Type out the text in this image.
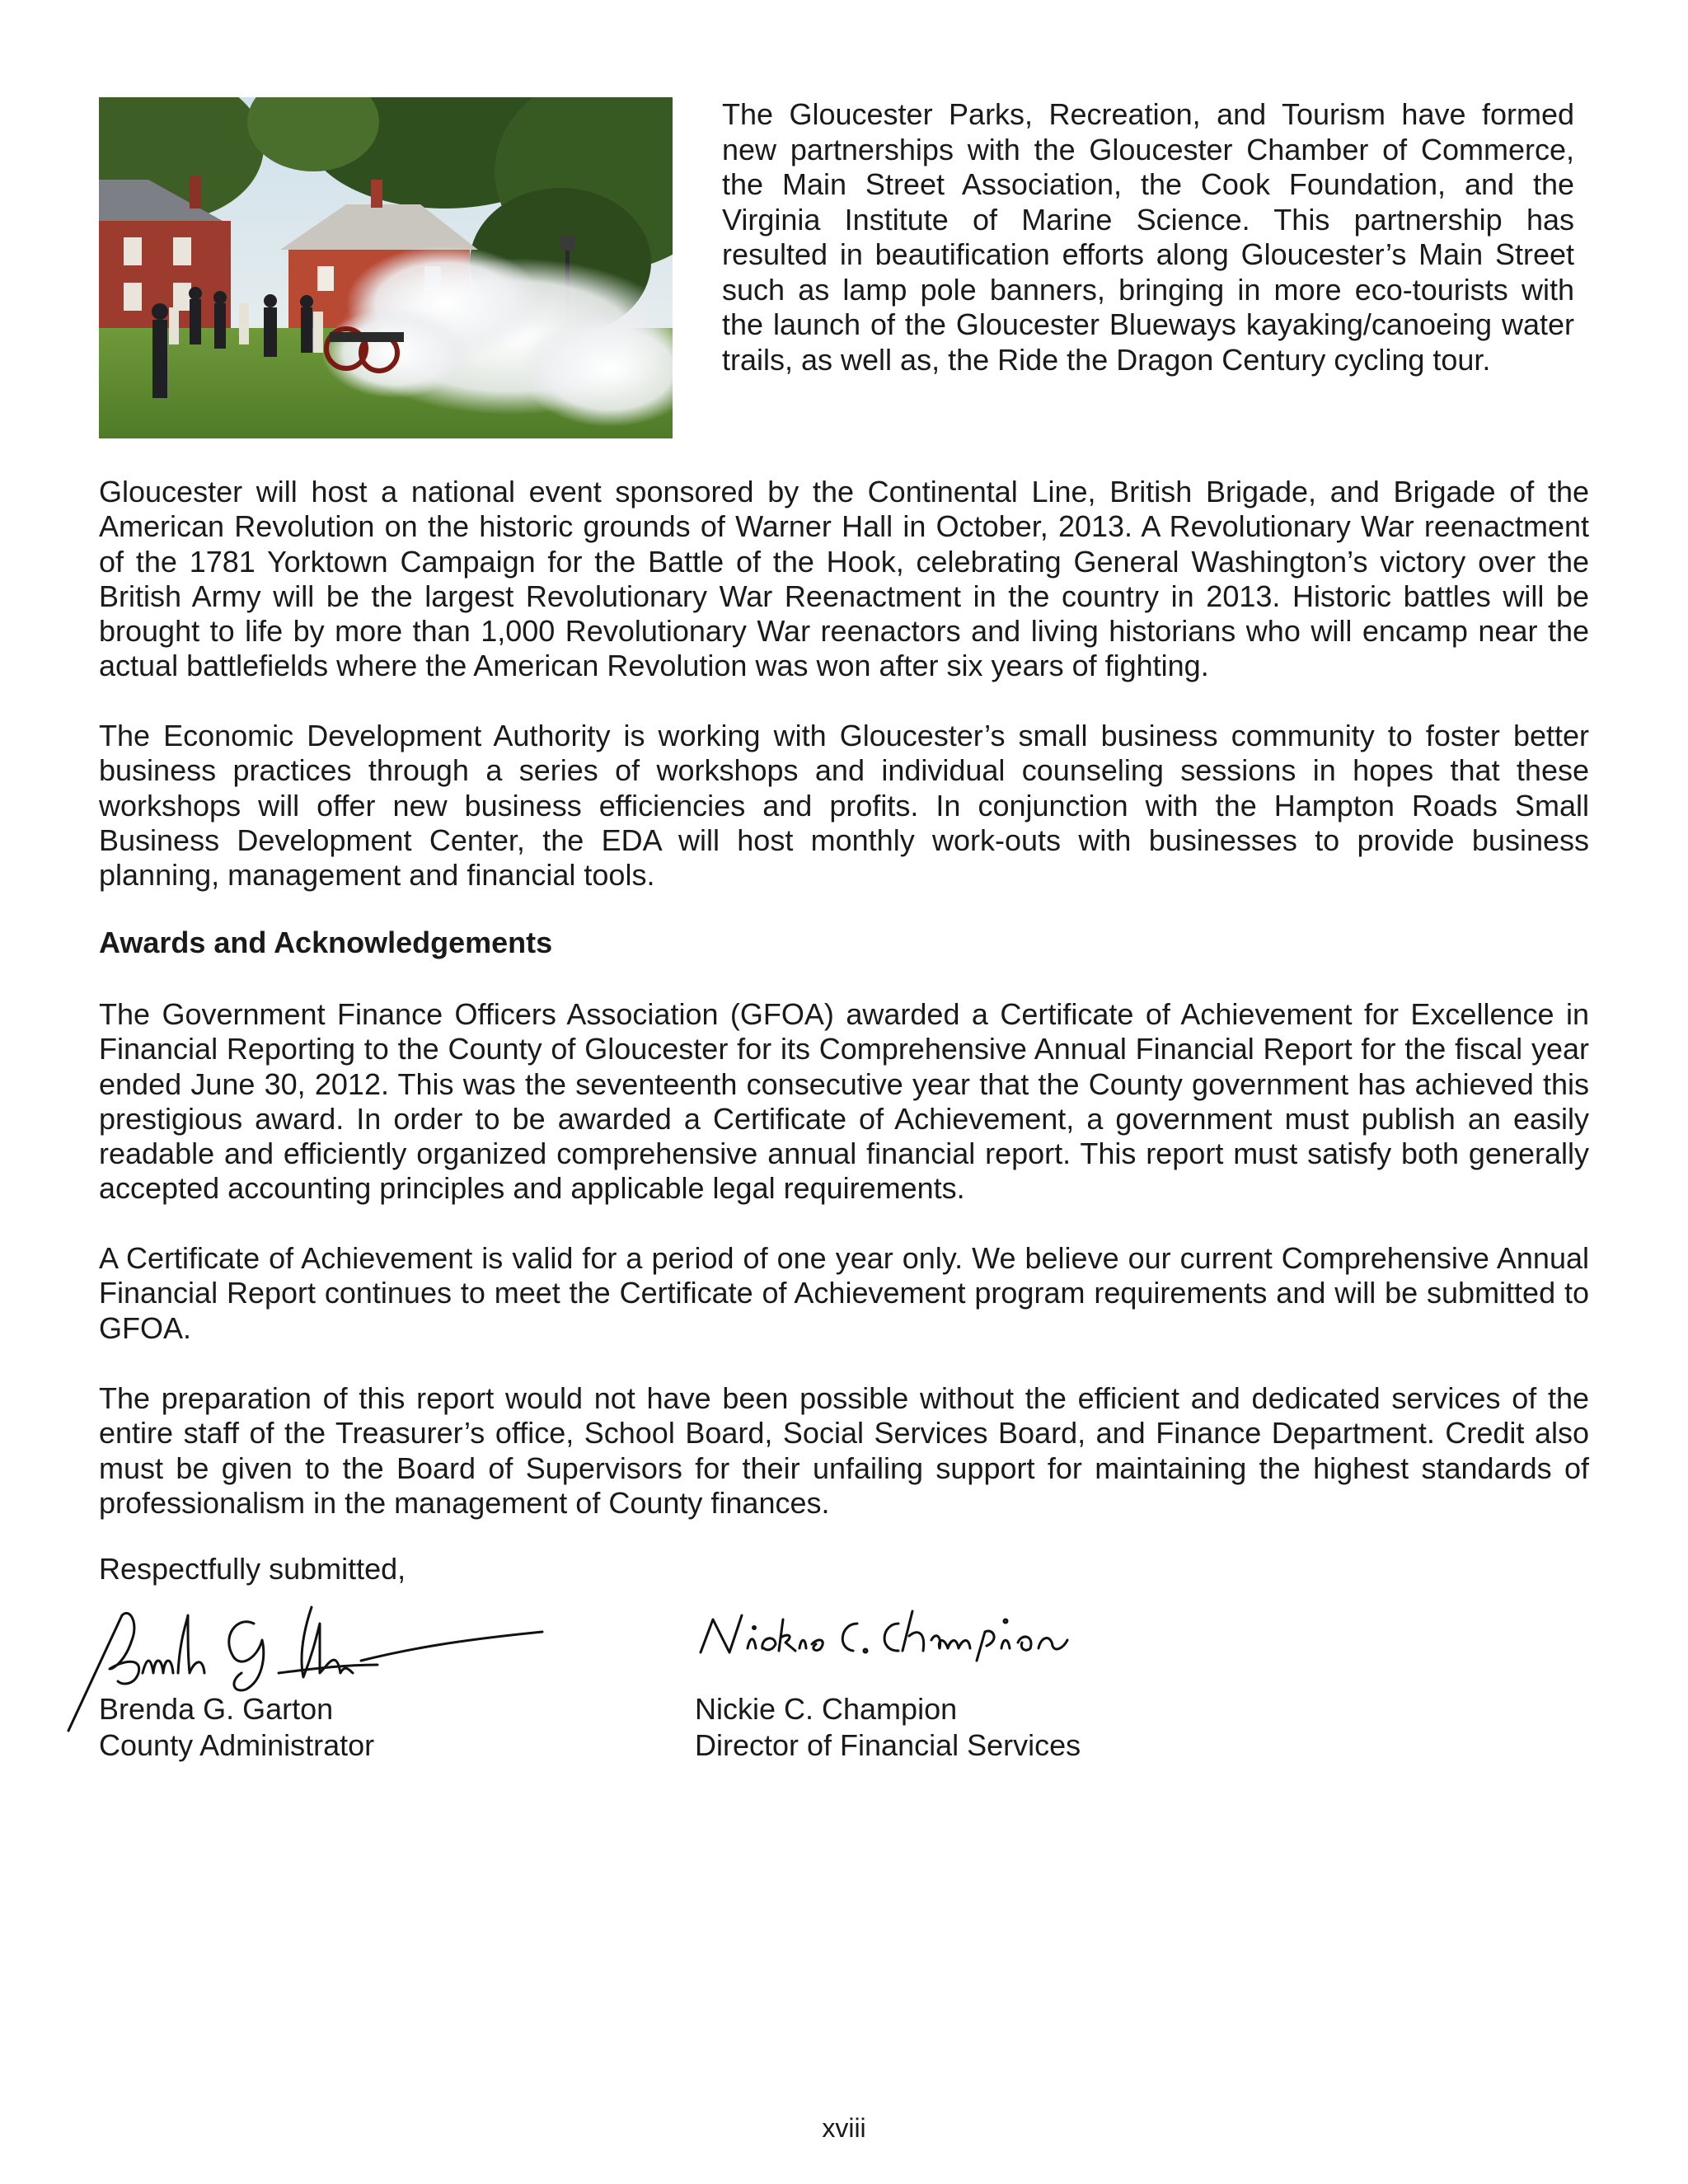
The Gloucester Parks, Recreation, and Tourism have formed new partnerships with the Gloucester Chamber of Commerce, the Main Street Association, the Cook Foundation, and the Virginia Institute of Marine Science. This partnership has resulted in beautification efforts along Gloucester’s Main Street such as lamp pole banners, bringing in more eco-tourists with the launch of the Gloucester Blueways kayaking/canoeing water trails, as well as, the Ride the Dragon Century cycling tour.

Gloucester will host a national event sponsored by the Continental Line, British Brigade, and Brigade of the American Revolution on the historic grounds of Warner Hall in October, 2013. A Revolutionary War reenactment of the 1781 Yorktown Campaign for the Battle of the Hook, celebrating General Washington’s victory over the British Army will be the largest Revolutionary War Reenactment in the country in 2013. Historic battles will be brought to life by more than 1,000 Revolutionary War reenactors and living historians who will encamp near the actual battlefields where the American Revolution was won after six years of fighting.

The Economic Development Authority is working with Gloucester’s small business community to foster better business practices through a series of workshops and individual counseling sessions in hopes that these workshops will offer new business efficiencies and profits. In conjunction with the Hampton Roads Small Business Development Center, the EDA will host monthly work-outs with businesses to provide business planning, management and financial tools.

Awards and Acknowledgements

The Government Finance Officers Association (GFOA) awarded a Certificate of Achievement for Excellence in Financial Reporting to the County of Gloucester for its Comprehensive Annual Financial Report for the fiscal year ended June 30, 2012. This was the seventeenth consecutive year that the County government has achieved this prestigious award. In order to be awarded a Certificate of Achievement, a government must publish an easily readable and efficiently organized comprehensive annual financial report. This report must satisfy both generally accepted accounting principles and applicable legal requirements.

A Certificate of Achievement is valid for a period of one year only. We believe our current Comprehensive Annual Financial Report continues to meet the Certificate of Achievement program requirements and will be submitted to GFOA.

The preparation of this report would not have been possible without the efficient and dedicated services of the entire staff of the Treasurer’s office, School Board, Social Services Board, and Finance Department. Credit also must be given to the Board of Supervisors for their unfailing support for maintaining the highest standards of professionalism in the management of County finances.

Respectfully submitted,

Brenda G. Garton
County Administrator
Nickie C. Champion
Director of Financial Services
xviii
